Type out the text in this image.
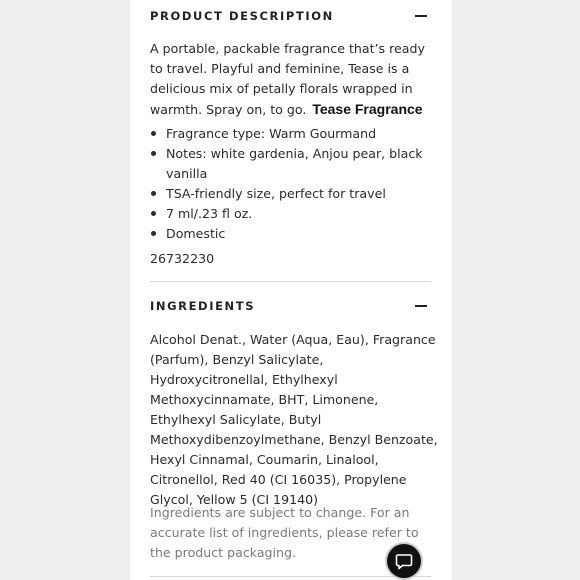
PRODUCT DESCRIPTION

A portable, packable fragrance that’s ready to travel. Playful and feminine, Tease is a delicious mix of petally florals wrapped in warmth. Spray on, to go. Tease Fragrance

Fragrance type: Warm Gourmand
Notes: white gardenia, Anjou pear, black vanilla
TSA-friendly size, perfect for travel
7 ml/.23 fl oz.
Domestic
26732230
INGREDIENTS

Alcohol Denat., Water (Aqua, Eau), Fragrance (Parfum), Benzyl Salicylate, Hydroxycitronellal, Ethylhexyl Methoxycinnamate, BHT, Limonene, Ethylhexyl Salicylate, Butyl Methoxydibenzoylmethane, Benzyl Benzoate, Hexyl Cinnamal, Coumarin, Linalool, Citronellol, Red 40 (CI 16035), Propylene Glycol, Yellow 5 (CI 19140)

Ingredients are subject to change. For an accurate list of ingredients, please refer to the product packaging.
